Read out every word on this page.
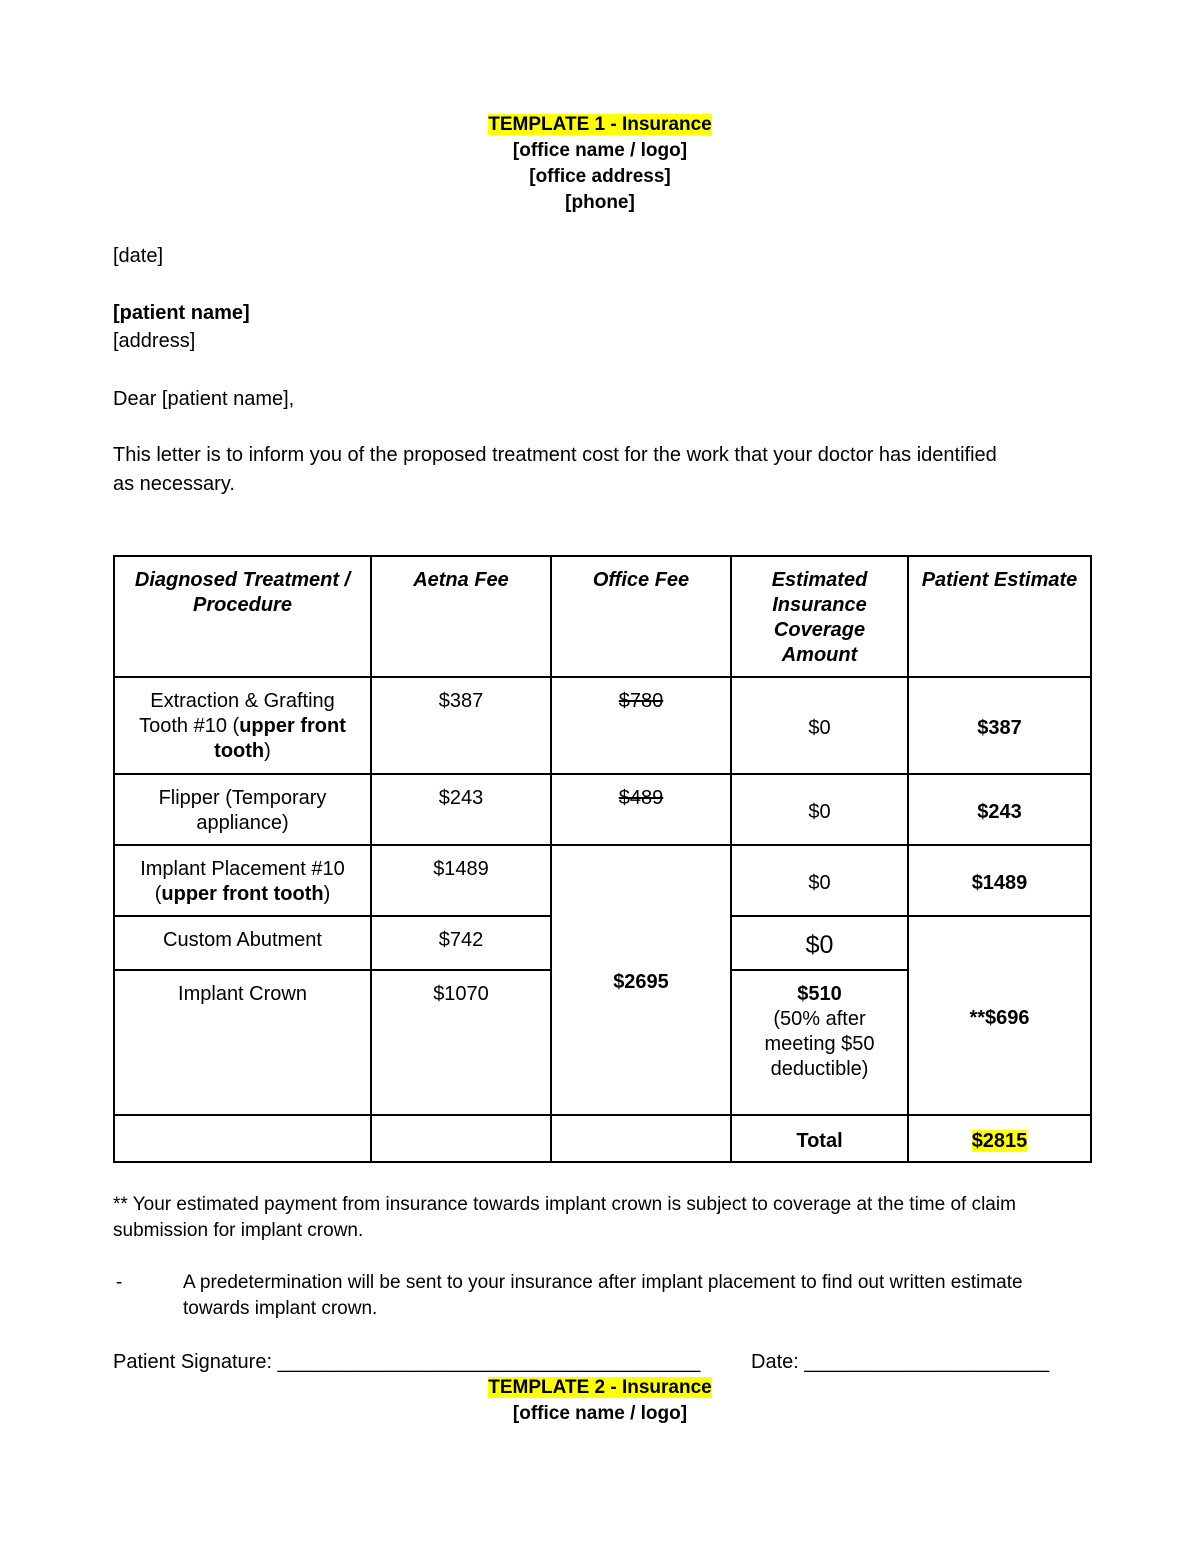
TEMPLATE 1 - Insurance
[office name / logo]
[office address]
[phone]
[date]
[patient name]
[address]
Dear [patient name],
This letter is to inform you of the proposed treatment cost for the work that your doctor has identified
as necessary.
Diagnosed Treatment / Procedure	Aetna Fee	Office Fee	Estimated Insurance Coverage Amount	Patient Estimate
Extraction & Grafting Tooth #10 (upper front tooth)	$387	$780	$0	$387
Flipper (Temporary appliance)	$243	$489	$0	$243
Implant Placement #10 (upper front tooth)	$1489	$2695	$0	$1489
Custom Abutment	$742		$0	**$696
Implant Crown	$1070		$510
(50% after meeting $50 deductible)	
			Total	$2815
** Your estimated payment from insurance towards implant crown is subject to coverage at the time of claim submission for implant crown.
-	A predetermination will be sent to your insurance after implant placement to find out written estimate towards implant crown.
Patient Signature: ______________________________________	Date: ______________________
TEMPLATE 2 - Insurance
[office name / logo]
